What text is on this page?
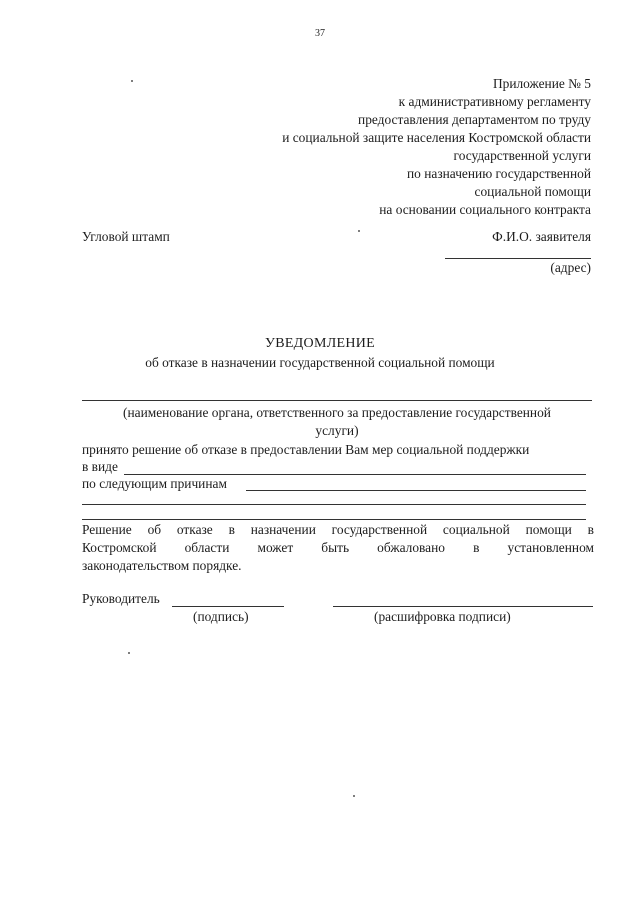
37
Приложение № 5
к административному регламенту
предоставления департаментом по труду
и социальной защите населения Костромской области
государственной услуги
по назначению государственной
социальной помощи
на основании социального контракта
Угловой штамп	Ф.И.О. заявителя
(адрес)
УВЕДОМЛЕНИЕ
об отказе в назначении государственной социальной помощи
(наименование органа, ответственного за предоставление государственной
услуги)
принято решение об отказе в предоставлении Вам мер социальной поддержки
в виде
по следующим причинам
Решение об отказе в назначении государственной социальной помощи в
Костромской области может быть обжаловано в установленном
законодательством порядке.
Руководитель
(подпись)	(расшифровка подписи)
